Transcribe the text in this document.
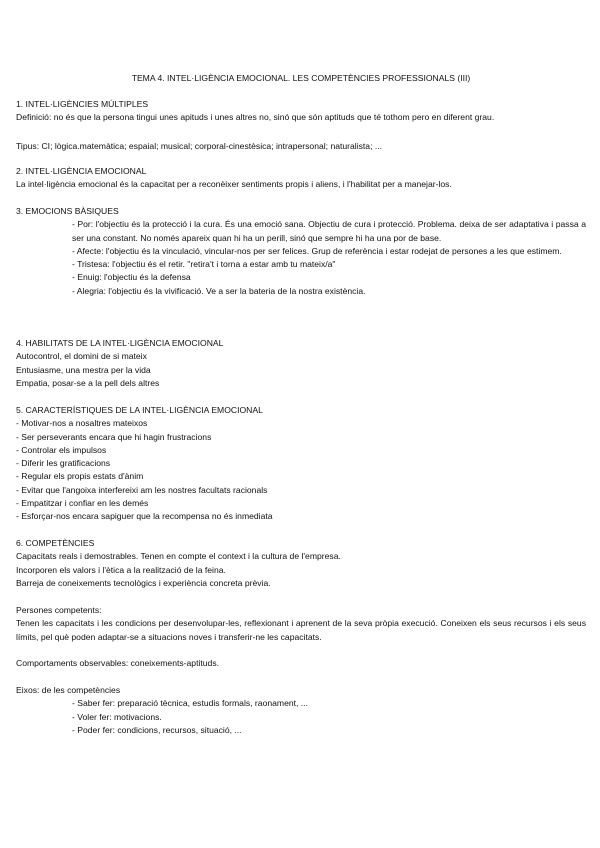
TEMA 4. INTEL·LIGÈNCIA EMOCIONAL. LES COMPETÈNCIES PROFESSIONALS (III)

1. INTEL·LIGÈNCIES MÚLTIPLES

Definició: no és que la persona tingui unes apituds i unes altres no, sinó que són aptituds que té tothom pero en diferent grau.

Tipus: CI; lògica.matemàtica; espaial; musical; corporal-cinestèsica; intrapersonal; naturalista; ...

2. INTEL·LIGÈNCIA EMOCIONAL

La intel·ligència emocional és la capacitat per a reconèixer sentiments propis i aliens, i l'habilitat per a manejar-los.

3. EMOCIONS BÀSIQUES

- Por: l'objectiu és la protecció i la cura. És una emoció sana. Objectiu de cura i protecció. Problema. deixa de ser adaptativa i passa a ser una constant. No només apareix quan hi ha un perill, sinó que sempre hi ha una por de base.

- Afecte: l'objectiu és la vinculació, vincular-nos per ser felices. Grup de referència i estar rodejat de persones a les que estimem.

- Tristesa: l'objectiu és el retir. "retira't i torna a estar amb tu mateix/a"

- Enuig: l'objectiu és la defensa

- Alegria: l'objectiu és la vivificació. Ve a ser la bateria de la nostra existència.

4. HABILITATS DE LA INTEL·LIGÈNCIA EMOCIONAL

Autocontrol, el domini de si mateix

Entusiasme, una mestra per la vida

Empatia, posar-se a la pell dels altres

5. CARACTERÍSTIQUES DE LA INTEL·LIGÈNCIA EMOCIONAL

- Motivar-nos a nosaltres mateixos

- Ser perseverants encara que hi hagin frustracions

- Controlar els impulsos

- Diferir les gratificacions

- Regular els propis estats d'ànim

- Evitar que l'angoixa interfereixi am les nostres facultats racionals

- Empatitzar i confiar en les demés

- Esforçar-nos encara sapiguer que la recompensa no és inmediata

6. COMPETÈNCIES

Capacitats reals i demostrables. Tenen en compte el context i la cultura de l'empresa.

Incorporen els valors i l'ètica a la realització de la feina.

Barreja de coneixements tecnològics i experiència concreta prèvia.

Persones competents:

Tenen les capacitats i les condicions per desenvolupar-les, reflexionant i aprenent de la seva pròpia execució. Coneixen els seus recursos i els seus límits, pel què poden adaptar-se a situacions noves i transferir-ne les capacitats.

Comportaments observables: coneixements-aptituds.

Eixos: de les competències

- Saber fer: preparació tècnica, estudis formals, raonament, ...

- Voler fer: motivacions.

- Poder fer: condicions, recursos, situació, ...
